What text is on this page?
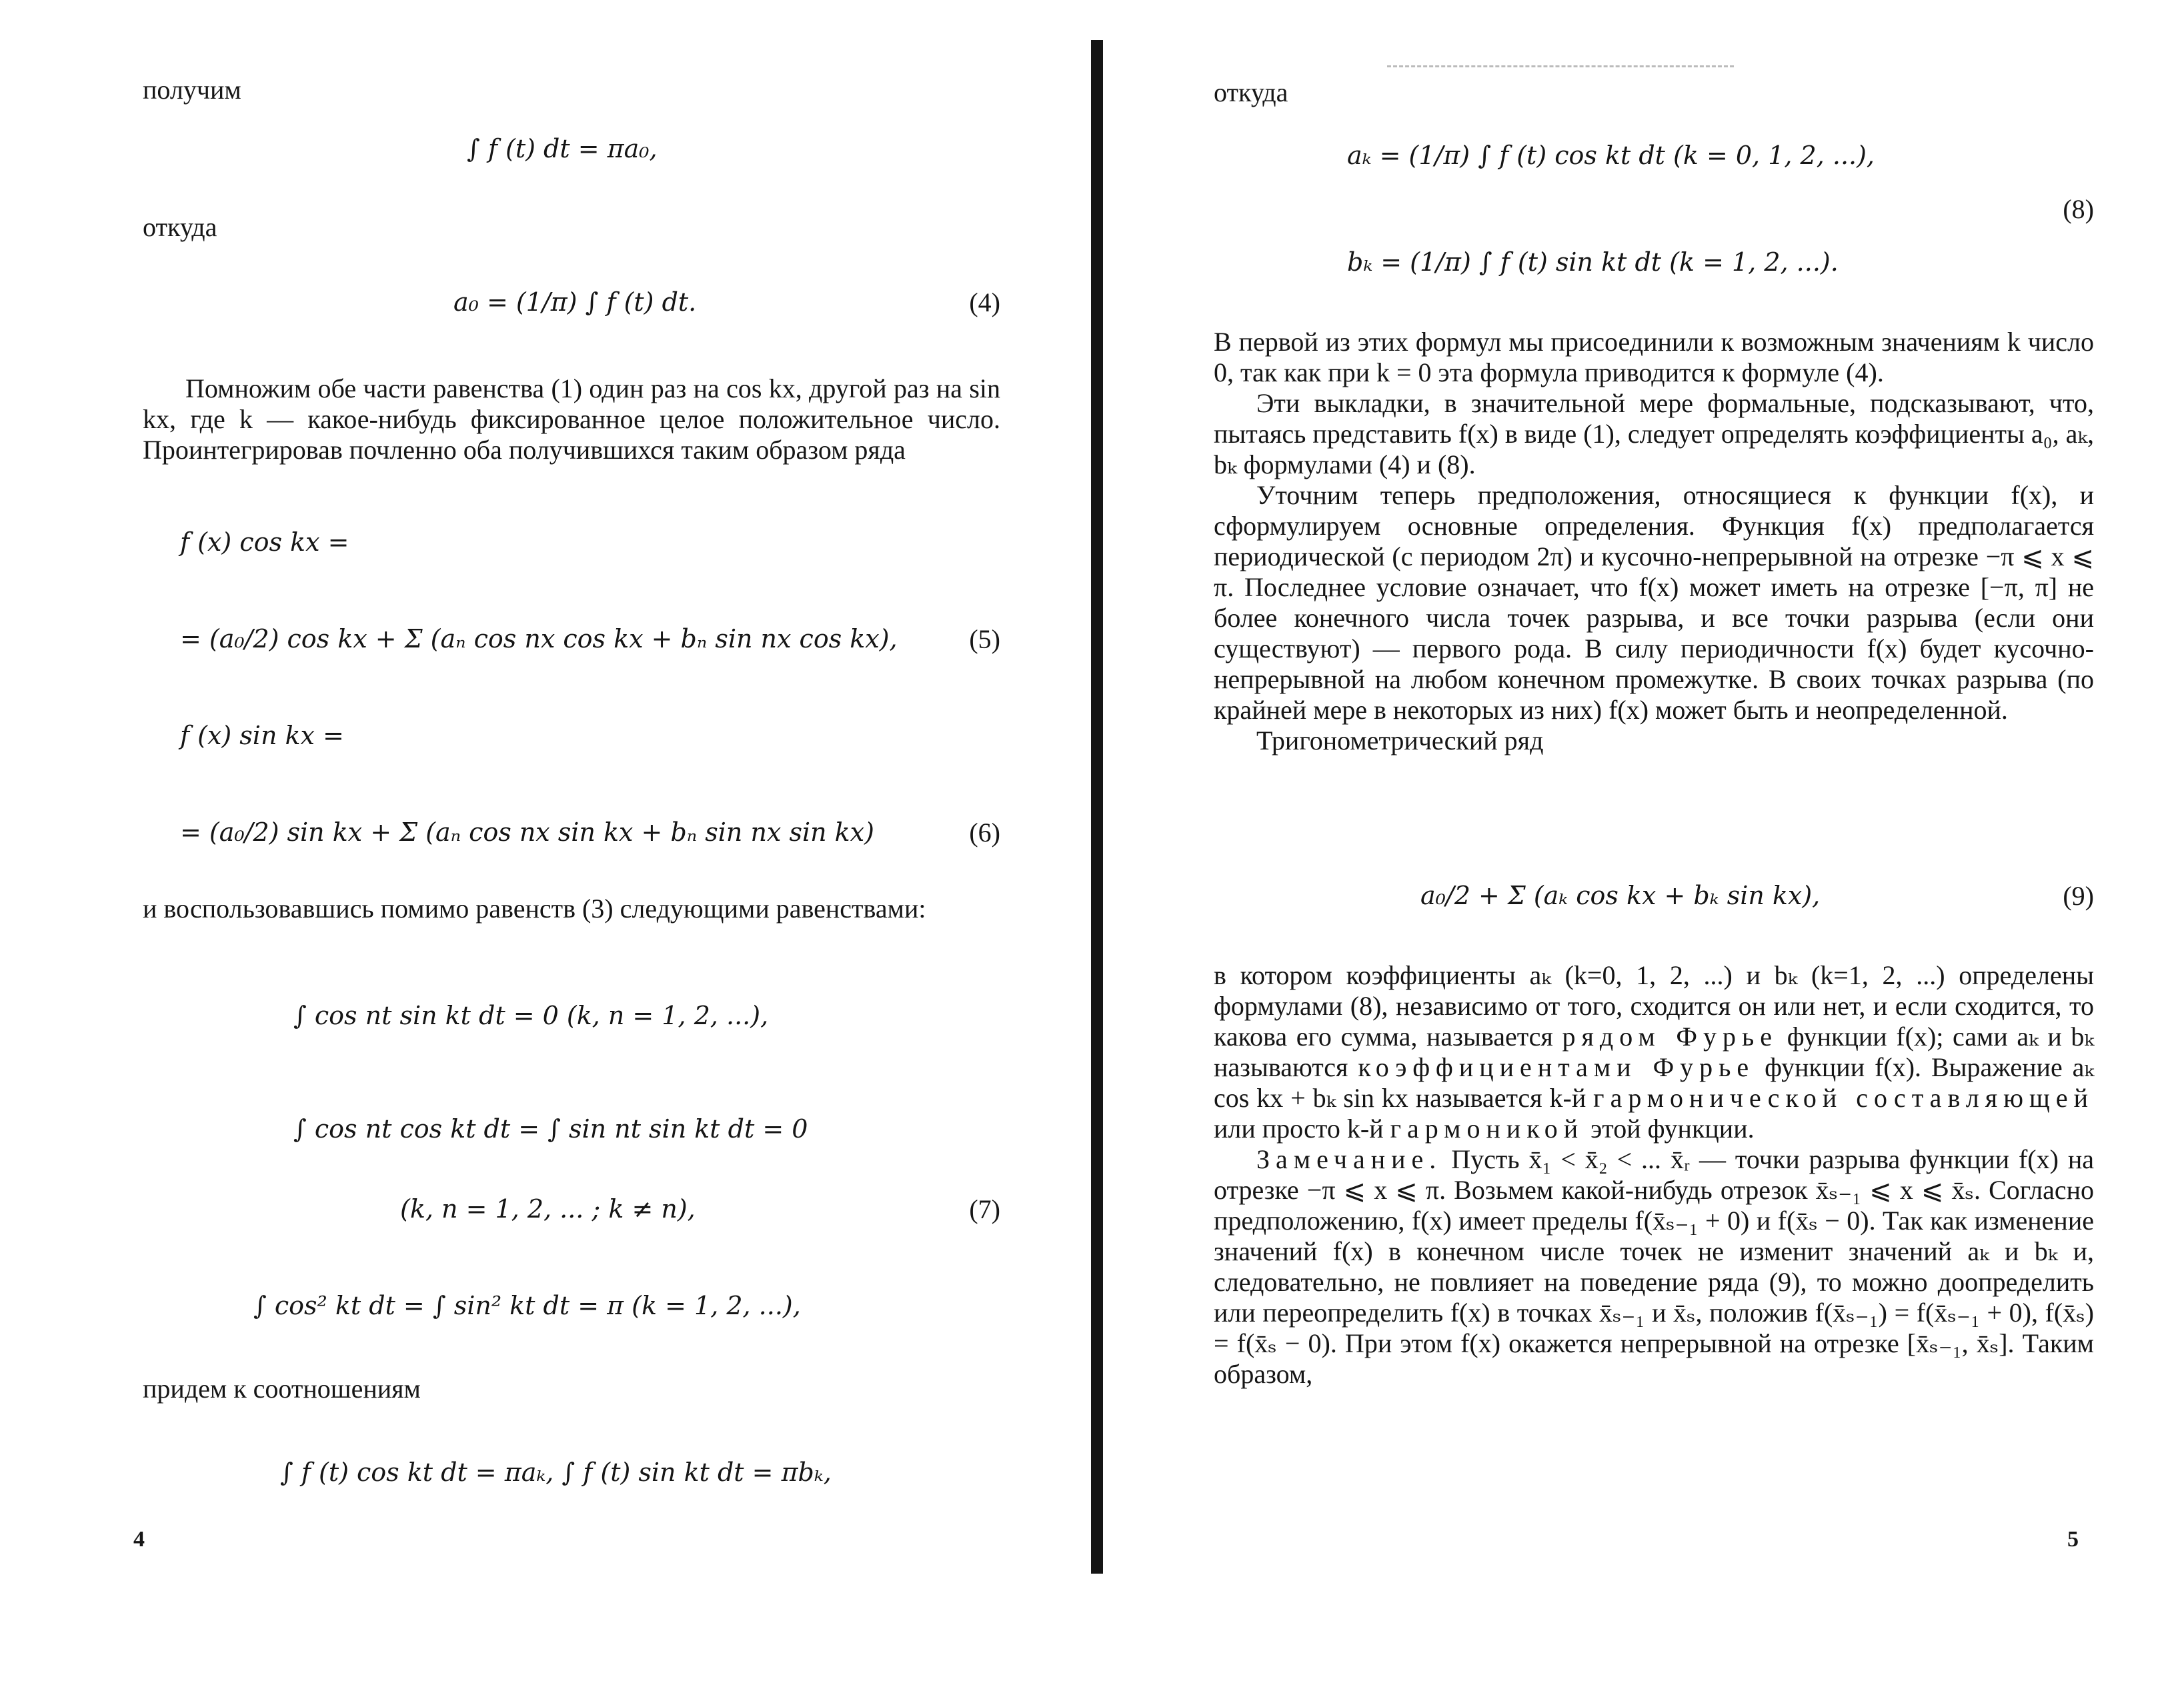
получим

∫ f (t) dt = πa₀,

откуда

a₀ = (1/π) ∫ f (t) dt.	(4)

Помножим обе части равенства (1) один раз на cos kx, другой раз на sin kx, где k — какое-нибудь фиксированное целое положительное число. Проинтегрировав почленно оба получившихся таким образом ряда

f (x) cos kx =
= (a₀/2) cos kx + Σ (aₙ cos nx cos kx + bₙ sin nx cos kx),	(5)
f (x) sin kx =
= (a₀/2) sin kx + Σ (aₙ cos nx sin kx + bₙ sin nx sin kx)	(6)

и воспользовавшись помимо равенств (3) следующими равенствами:

∫ cos nt sin kt dt = 0 (k, n = 1, 2, ...),
∫ cos nt cos kt dt = ∫ sin nt sin kt dt = 0
(k, n = 1, 2, ... ; k ≠ n),	(7)
∫ cos² kt dt = ∫ sin² kt dt = π (k = 1, 2, ...),

придем к соотношениям

∫ f (t) cos kt dt = πaₖ, ∫ f (t) sin kt dt = πbₖ,
4

откуда

aₖ = (1/π) ∫ f (t) cos kt dt (k = 0, 1, 2, ...),
(8)
bₖ = (1/π) ∫ f (t) sin kt dt (k = 1, 2, ...).

В первой из этих формул мы присоединили к возможным значениям k число 0, так как при k = 0 эта формула приводится к формуле (4).

Эти выкладки, в значительной мере формальные, подсказывают, что, пытаясь представить f(x) в виде (1), следует определять коэффициенты a₀, aₖ, bₖ формулами (4) и (8).

Уточним теперь предположения, относящиеся к функции f(x), и сформулируем основные определения. Функция f(x) предполагается периодической (с периодом 2π) и кусочно-непрерывной на отрезке −π ⩽ x ⩽ π. Последнее условие означает, что f(x) может иметь на отрезке [−π, π] не более конечного числа точек разрыва, и все точки разрыва (если они существуют) — первого рода. В силу периодичности f(x) будет кусочно-непрерывной на любом конечном промежутке. В своих точках разрыва (по крайней мере в некоторых из них) f(x) может быть и неопределенной.

Тригонометрический ряд

a₀/2 + Σ (aₖ cos kx + bₖ sin kx),	(9)

в котором коэффициенты aₖ (k=0, 1, 2, ...) и bₖ (k=1, 2, ...) определены формулами (8), независимо от того, сходится он или нет, и если сходится, то какова его сумма, называется рядом Фурье функции f(x); сами aₖ и bₖ называются коэффициентами Фурье функции f(x). Выражение aₖ cos kx + bₖ sin kx называется k-й гармонической составляющей или просто k-й гармоникой этой функции.

Замечание. Пусть x̄₁ < x̄₂ < ... x̄ᵣ — точки разрыва функции f(x) на отрезке −π ⩽ x ⩽ π. Возьмем какой-нибудь отрезок x̄ₛ₋₁ ⩽ x ⩽ x̄ₛ. Согласно предположению, f(x) имеет пределы f(x̄ₛ₋₁ + 0) и f(x̄ₛ − 0). Так как изменение значений f(x) в конечном числе точек не изменит значений aₖ и bₖ и, следовательно, не повлияет на поведение ряда (9), то можно доопределить или переопределить f(x) в точках x̄ₛ₋₁ и x̄ₛ, положив f(x̄ₛ₋₁) = f(x̄ₛ₋₁ + 0), f(x̄ₛ) = f(x̄ₛ − 0). При этом f(x) окажется непрерывной на отрезке [x̄ₛ₋₁, x̄ₛ]. Таким образом,

5
